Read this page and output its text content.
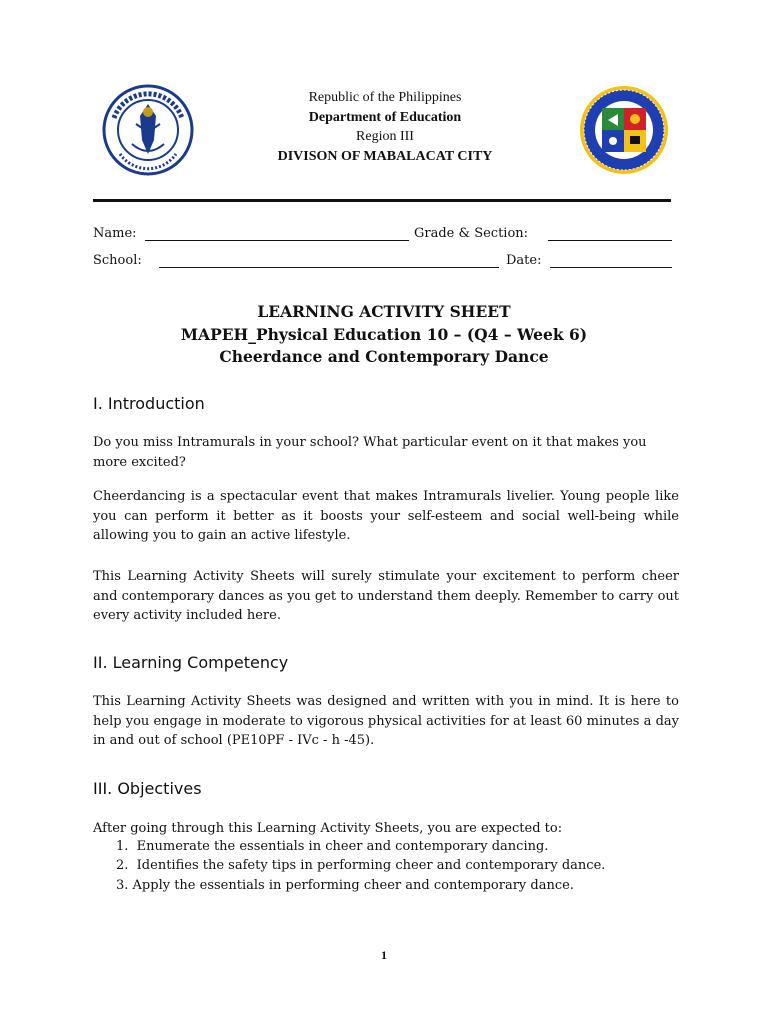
Republic of the Philippines
Department of Education
Region III
DIVISON OF MABALACAT CITY
Name:	Grade & Section:
School:	Date:
LEARNING ACTIVITY SHEET
MAPEH_Physical Education 10 – (Q4 – Week 6)
Cheerdance and Contemporary Dance
I. Introduction
Do you miss Intramurals in your school? What particular event on it that makes you more excited?
Cheerdancing is a spectacular event that makes Intramurals livelier. Young people like you can perform it better as it boosts your self-esteem and social well-being while allowing you to gain an active lifestyle.
This Learning Activity Sheets will surely stimulate your excitement to perform cheer and contemporary dances as you get to understand them deeply. Remember to carry out every activity included here.
II. Learning Competency
This Learning Activity Sheets was designed and written with you in mind. It is here to help you engage in moderate to vigorous physical activities for at least 60 minutes a day in and out of school (PE10PF - IVc - h -45).
III. Objectives
After going through this Learning Activity Sheets, you are expected to:
1. Enumerate the essentials in cheer and contemporary dancing.
2. Identifies the safety tips in performing cheer and contemporary dance.
3. Apply the essentials in performing cheer and contemporary dance.
1
